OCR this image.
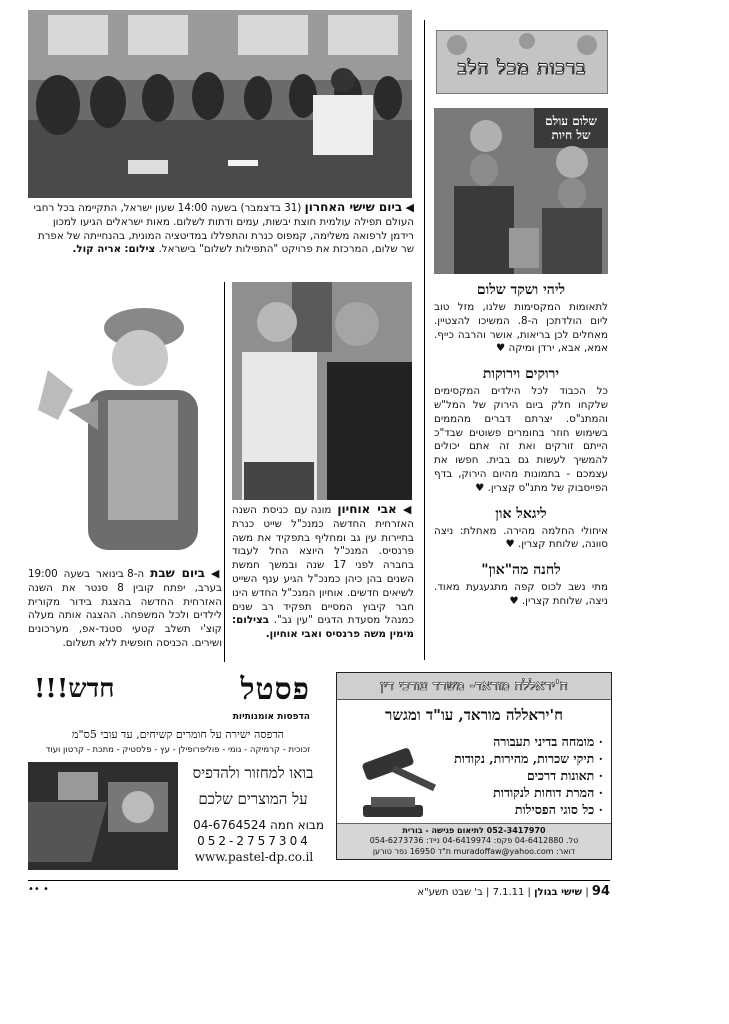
◀ ביום שישי האחרון (31 בדצמבר) בשעה 14:00 שעון ישראל, התקיימה בכל רחבי העולם תפילה עולמית חוצת יבשות, עמים ודתות לשלום. מאות ישראלים הגיעו למכון רידמן לרפואה משלימה, קמפוס כנרת והתפללו במדיטציה המונית, בהנחייתה של אפרת שר שלום, המרכזת את פרויקט "התפילות לשלום" בישראל. צילום: אריה קול.
ברכות מכל הלב
שלום עולם של חיות
ליהי ושקד שלום
לתאומות המקסימות שלנו, מזל טוב ליום הולדתכן ה-8. המשיכו להצטיין. מאחלים לכן בריאות, אושר והרבה כייף. אמא, אבא, ירדן ומיקה ♥
ירוקים וירוקות
כל הכבוד לכל הילדים המקסימים שלקחו חלק ביום הירוק של המל"ש והמתנ"ס. יצרתם דברים מהממים בשימוש חוזר בחומרים פשוטים שבד"כ הייתם זורקים ואת זה אתם יכולים להמשיך לעשות גם בבית. חפשו את עצמכם - בתמונות מהיום הירוק, בדף הפייסבוק של מתנ"ס קצרין. ♥
ליגאל און
איחולי החלמה מהירה. מאחלת: ניצה סוונה, שלוחת קצרין. ♥
לחנה מה"און"
מתי נשב לכוס קפה מתגעגעת מאוד. ניצה, שלוחת קצרין. ♥
◀ אבי אוחיון מונה עם כניסת השנה האזרחית החדשה כמנכ"ל שייט כנרת בתיירות עין גב ומחליף בתפקיד את משה פרנסיס. המנכ"ל היוצא החל לעבוד בחברה לפני 17 שנה ובמשך חמשת השנים בהן כיהן כמנכ"ל הגיע ענף השייט לשיאים חדשים. אוחיון המנכ"ל החדש הינו חבר קיבוץ המסיים תפקיד רב שנים כמנהל מסעדת הדגים "עין גב". בצילום: מימין משה פרנסיס ואבי אוחיון.
◀ ביום שבת ה-8 בינואר בשעה 19:00 בערב, יפתח קובין 8 סנטר את השנה האזרחית החדשה בהצגת בידור מקורית לילדים ולכל המשפחה. ההצגה אותה מעלה קוצ'י תשלב קטעי סטנד-אפ, מערכונים ושירים. הכניסה חופשית ללא תשלום.
ח'יראללה מוראד- משרד עורכי דין
ח'יראללה מוראד, עו"ד ומגשר
· מומחה בדיני תעבורה
· תיקי שכרות, מהירות, נקודות
· תאונות דרכים
· המרת דוחות לנקודות
· כל סוגי הפסילות
052-3417970 לתיאום פגישה - בורית
טל. 04-6412880 פקס: 04-6419974 נייד: 054-6273736
דואר: muradoffaw@yahoo.com ת"ד 16950 נפר טורען
פסטל
חדש!!!
הדפסות אומנותיות
הדפסה ישירה על חומרים קשיחים, עד עובי 5ס"מ
זכוכית - קרמיקה - גומי - פוליפרופילן - עץ - פלסטיק - מתכת - קרטון ועוד
בואו למחזור ולהדפיס
על המוצרים שלכם
מבוא חמה 04-6764524
052-2757304
www.pastel-dp.co.il
94 | שישי בגולן | 7.1.11 | ב' שבט תשע"א
•• •
